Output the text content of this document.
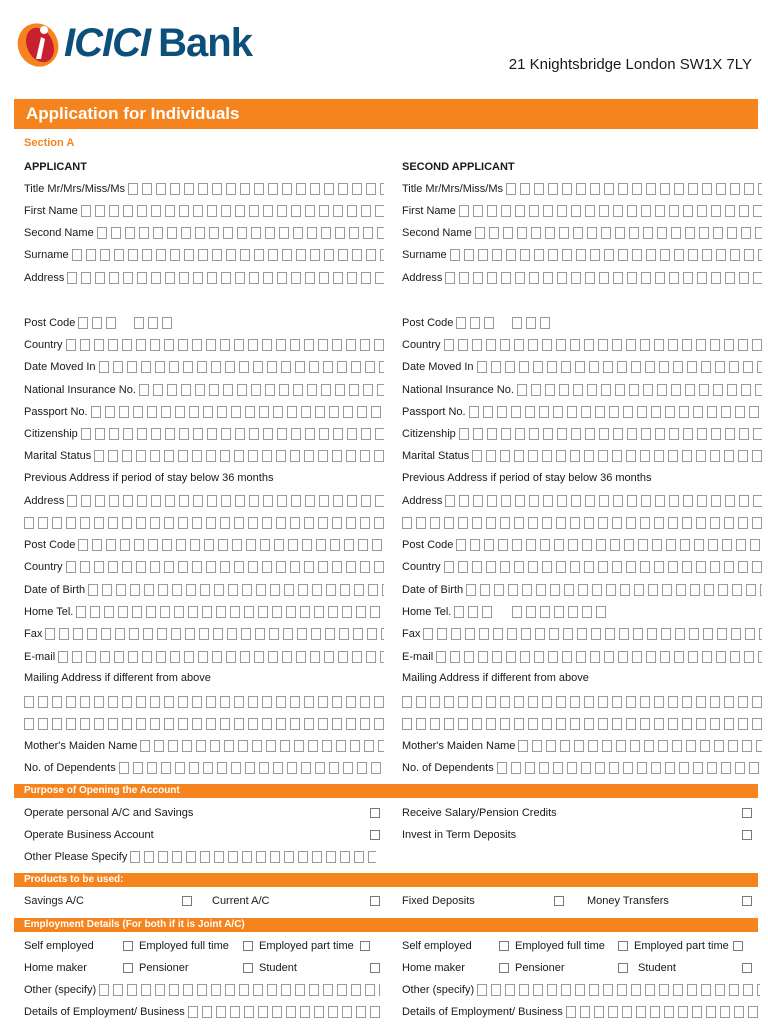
ICICI Bank	21 Knightsbridge London SW1X 7LY
Application for Individuals
Section A
APPLICANT
Title Mr/Mrs/Miss/Ms
First Name
Second Name
Surname
Address
Post Code
Country
Date Moved In
National Insurance No.
Passport No.
Citizenship
Marital Status
Previous Address if period of stay below 36 months
Address
Post Code
Country
Date of Birth
Home Tel.
Fax
E-mail
Mailing Address if different from above
Mother's Maiden Name
No. of Dependents
SECOND APPLICANT
Title Mr/Mrs/Miss/Ms
First Name
Second Name
Surname
Address
Post Code
Country
Date Moved In
National Insurance No.
Passport No.
Citizenship
Marital Status
Previous Address if period of stay below 36 months
Address
Post Code
Country
Date of Birth
Home Tel.
Fax
E-mail
Mailing Address if different from above
Mother's Maiden Name
No. of Dependents
Purpose of Opening the Account
Operate personal A/C and Savings	Receive Salary/Pension Credits
Operate Business Account	Invest in Term Deposits
Other Please Specify
Products to be used:
Savings A/C	Current A/C	Fixed Deposits	Money Transfers
Employment Details (For both if it is Joint A/C)
Self employed	Employed full time	Employed part time	Self employed	Employed full time	Employed part time
Home maker	Pensioner	Student	Home maker	Pensioner	Student
Other (specify)	Other (specify)
Details of Employment/ Business	Details of Employment/ Business
